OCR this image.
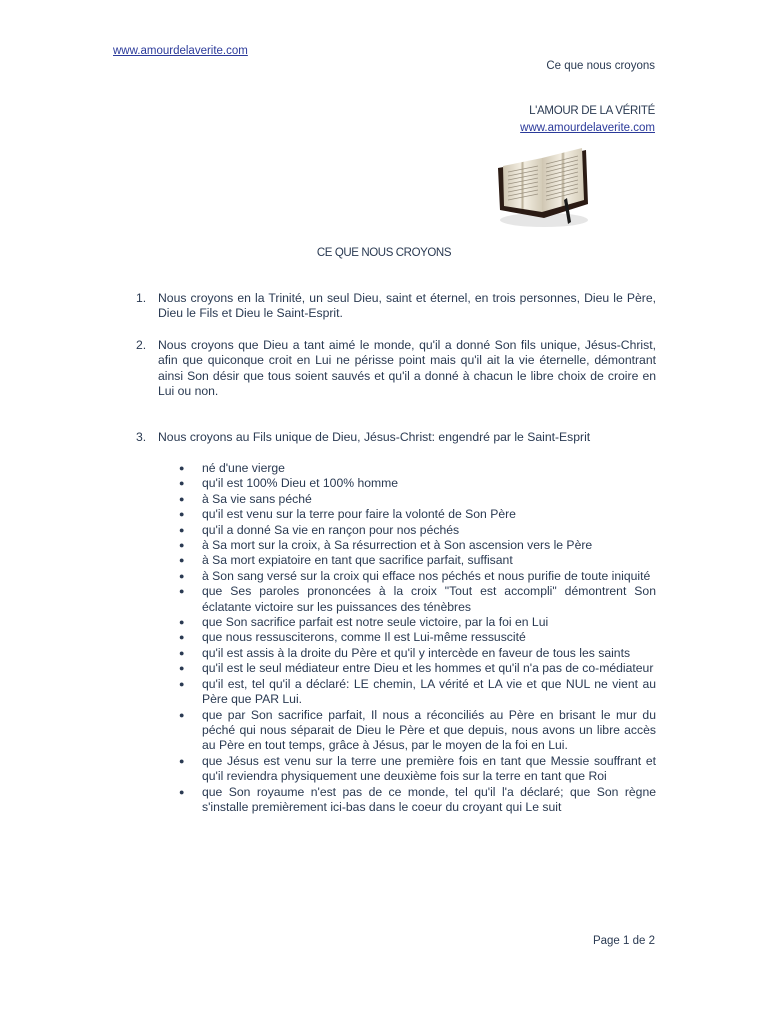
www.amourdelaverite.com
Ce que nous croyons
L'AMOUR DE LA VÉRITÉ
www.amourdelaverite.com
CE QUE NOUS CROYONS
1. Nous croyons en la Trinité, un seul Dieu, saint et éternel, en trois personnes, Dieu le Père, Dieu le Fils et Dieu le Saint-Esprit.
2. Nous croyons que Dieu a tant aimé le monde, qu'il a donné Son fils unique, Jésus-Christ, afin que quiconque croit en Lui ne périsse point mais qu'il ait la vie éternelle, démontrant ainsi Son désir que tous soient sauvés et qu'il a donné à chacun le libre choix de croire en Lui ou non.
3. Nous croyons au Fils unique de Dieu, Jésus-Christ: engendré par le Saint-Esprit
● né d'une vierge
● qu'il est 100% Dieu et 100% homme
● à Sa vie sans péché
● qu'il est venu sur la terre pour faire la volonté de Son Père
● qu'il a donné Sa vie en rançon pour nos péchés
● à Sa mort sur la croix, à Sa résurrection et à Son ascension vers le Père
● à Sa mort expiatoire en tant que sacrifice parfait, suffisant
● à Son sang versé sur la croix qui efface nos péchés et nous purifie de toute iniquité
● que Ses paroles prononcées à la croix "Tout est accompli" démontrent Son éclatante victoire sur les puissances des ténèbres
● que Son sacrifice parfait est notre seule victoire, par la foi en Lui
● que nous ressusciterons, comme Il est Lui-même ressuscité
● qu'il est assis à la droite du Père et qu'il y intercède en faveur de tous les saints
● qu'il est le seul médiateur entre Dieu et les hommes et qu'il n'a pas de co-médiateur
● qu'il est, tel qu'il a déclaré: LE chemin, LA vérité et LA vie et que NUL ne vient au Père que PAR Lui.
● que par Son sacrifice parfait, Il nous a réconciliés au Père en brisant le mur du péché qui nous séparait de Dieu le Père et que depuis, nous avons un libre accès au Père en tout temps, grâce à Jésus, par le moyen de la foi en Lui.
● que Jésus est venu sur la terre une première fois en tant que Messie souffrant et qu'il reviendra physiquement une deuxième fois sur la terre en tant que Roi
● que Son royaume n'est pas de ce monde, tel qu'il l'a déclaré; que Son règne s'installe premièrement ici-bas dans le coeur du croyant qui Le suit
Page 1 de 2
